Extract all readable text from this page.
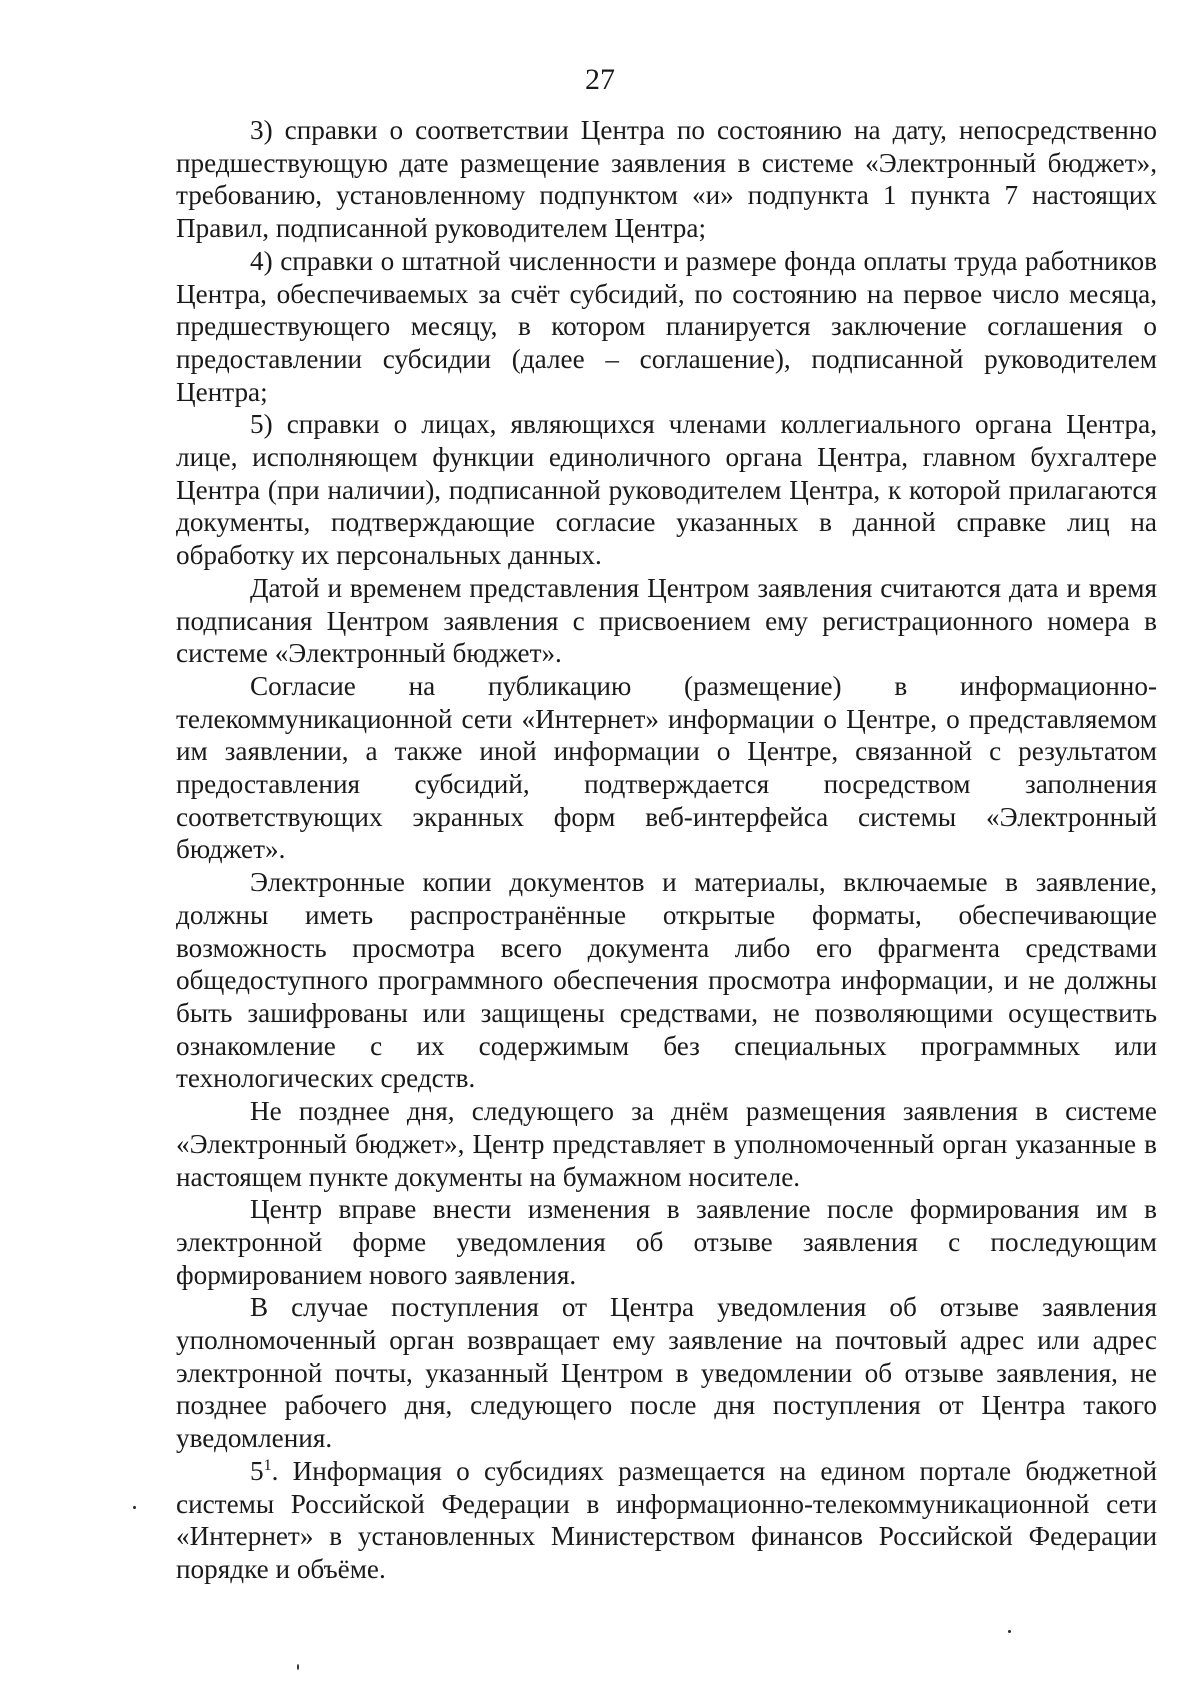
27

3) справки о соответствии Центра по состоянию на дату, непосредственно предшествующую дате размещение заявления в системе «Электронный бюджет», требованию, установленному подпунктом «и» подпункта 1 пункта 7 настоящих Правил, подписанной руководителем Центра;

4) справки о штатной численности и размере фонда оплаты труда работников Центра, обеспечиваемых за счёт субсидий, по состоянию на первое число месяца, предшествующего месяцу, в котором планируется заключение соглашения о предоставлении субсидии (далее – соглашение), подписанной руководителем Центра;

5) справки о лицах, являющихся членами коллегиального органа Центра, лице, исполняющем функции единоличного органа Центра, главном бухгалтере Центра (при наличии), подписанной руководителем Центра, к которой прилагаются документы, подтверждающие согласие указанных в данной справке лиц на обработку их персональных данных.

Датой и временем представления Центром заявления считаются дата и время подписания Центром заявления с присвоением ему регистрационного номера в системе «Электронный бюджет».

Согласие на публикацию (размещение) в информационно-телекоммуникационной сети «Интернет» информации о Центре, о представляемом им заявлении, а также иной информации о Центре, связанной с результатом предоставления субсидий, подтверждается посредством заполнения соответствующих экранных форм веб-интерфейса системы «Электронный бюджет».

Электронные копии документов и материалы, включаемые в заявление, должны иметь распространённые открытые форматы, обеспечивающие возможность просмотра всего документа либо его фрагмента средствами общедоступного программного обеспечения просмотра информации, и не должны быть зашифрованы или защищены средствами, не позволяющими осуществить ознакомление с их содержимым без специальных программных или технологических средств.

Не позднее дня, следующего за днём размещения заявления в системе «Электронный бюджет», Центр представляет в уполномоченный орган указанные в настоящем пункте документы на бумажном носителе.

Центр вправе внести изменения в заявление после формирования им в электронной форме уведомления об отзыве заявления с последующим формированием нового заявления.

В случае поступления от Центра уведомления об отзыве заявления уполномоченный орган возвращает ему заявление на почтовый адрес или адрес электронной почты, указанный Центром в уведомлении об отзыве заявления, не позднее рабочего дня, следующего после дня поступления от Центра такого уведомления.

$5^1$. Информация о субсидиях размещается на едином портале бюджетной системы Российской Федерации в информационно-телекоммуникационной сети «Интернет» в установленных Министерством финансов Российской Федерации порядке и объёме.
